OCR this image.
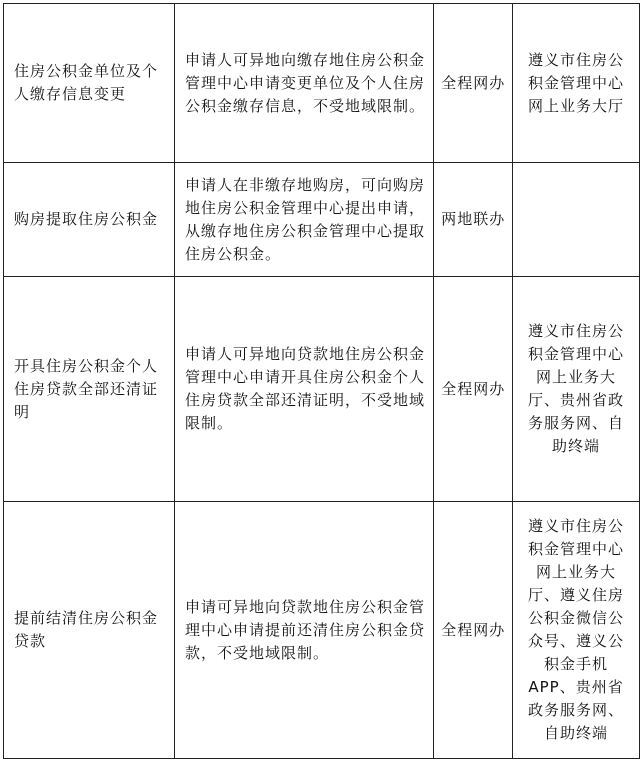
住房公积金单位及个人缴存信息变更	申请人可异地向缴存地住房公积金管理中心申请变更单位及个人住房公积金缴存信息，不受地域限制。	全程网办	遵义市住房公积金管理中心网上业务大厅
购房提取住房公积金	申请人在非缴存地购房，可向购房地住房公积金管理中心提出申请，从缴存地住房公积金管理中心提取住房公积金。	两地联办	
开具住房公积金个人住房贷款全部还清证明	申请人可异地向贷款地住房公积金管理中心申请开具住房公积金个人住房贷款全部还清证明，不受地域限制。	全程网办	遵义市住房公积金管理中心网上业务大厅、贵州省政务服务网、自助终端
提前结清住房公积金贷款	申请可异地向贷款地住房公积金管理中心申请提前还清住房公积金贷款，不受地域限制。	全程网办	遵义市住房公积金管理中心网上业务大厅、遵义住房公积金微信公众号、遵义公积金手机APP、贵州省政务服务网、自助终端
